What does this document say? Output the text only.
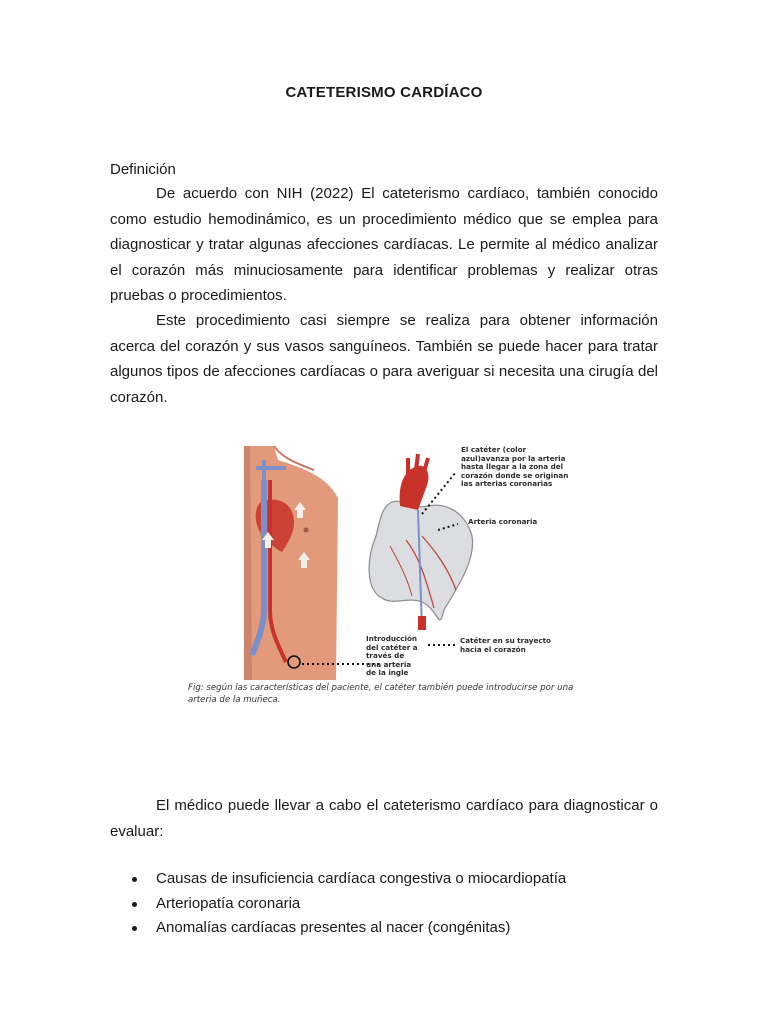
CATETERISMO CARDÍACO
Definición

De acuerdo con NIH (2022) El cateterismo cardíaco, también conocido como estudio hemodinámico, es un procedimiento médico que se emplea para diagnosticar y tratar algunas afecciones cardíacas. Le permite al médico analizar el corazón más minuciosamente para identificar problemas y realizar otras pruebas o procedimientos.

Este procedimiento casi siempre se realiza para obtener información acerca del corazón y sus vasos sanguíneos. También se puede hacer para tratar algunos tipos de afecciones cardíacas o para averiguar si necesita una cirugía del corazón.

El catéter (color azul)avanza por la arteria hasta llegar a la zona del corazón donde se originan las arterias coronarias
Arteria coronaria
Catéter en su trayecto hacia el corazón
Introducción del catéter a través de una arteria de la ingle
Fig: según las características del paciente, el catéter también puede introducirse por una arteria de la muñeca.

El médico puede llevar a cabo el cateterismo cardíaco para diagnosticar o evaluar:

Causas de insuficiencia cardíaca congestiva o miocardiopatía
Arteriopatía coronaria
Anomalías cardíacas presentes al nacer (congénitas)
